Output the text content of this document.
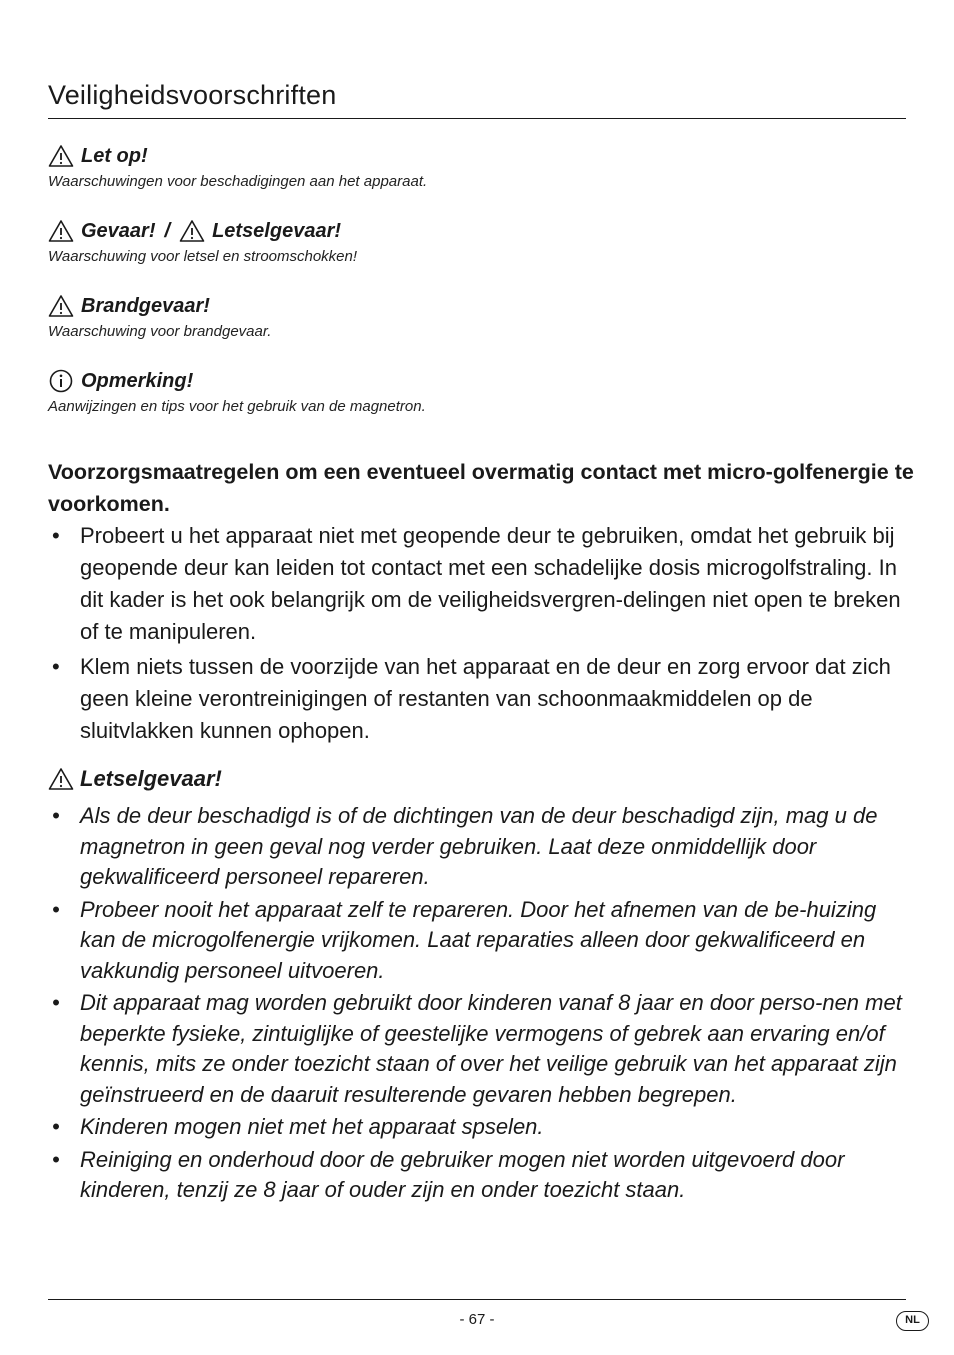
Veiligheidsvoorschriften
Let op!
Waarschuwingen voor beschadigingen aan het apparaat.
Gevaar! / Letselgevaar!
Waarschuwing voor letsel en stroomschokken!
Brandgevaar!
Waarschuwing voor brandgevaar.
Opmerking!
Aanwijzingen en tips voor het gebruik van de magnetron.
Voorzorgsmaatregelen om een eventueel overmatig contact met micro-golfenergie te voorkomen.
• Probeert u het apparaat niet met geopende deur te gebruiken, omdat het gebruik bij geopende deur kan leiden tot contact met een schadelijke dosis microgolfstraling. In dit kader is het ook belangrijk om de veiligheidsvergren-delingen niet open te breken of te manipuleren.
• Klem niets tussen de voorzijde van het apparaat en de deur en zorg ervoor dat zich geen kleine verontreinigingen of restanten van schoonmaakmiddelen op de sluitvlakken kunnen ophopen.
Letselgevaar!
• Als de deur beschadigd is of de dichtingen van de deur beschadigd zijn, mag u de magnetron in geen geval nog verder gebruiken. Laat deze onmiddellijk door gekwalificeerd personeel repareren.
• Probeer nooit het apparaat zelf te repareren. Door het afnemen van de be-huizing kan de microgolfenergie vrijkomen. Laat reparaties alleen door gekwalificeerd en vakkundig personeel uitvoeren.
• Dit apparaat mag worden gebruikt door kinderen vanaf 8 jaar en door perso-nen met beperkte fysieke, zintuiglijke of geestelijke vermogens of gebrek aan ervaring en/of kennis, mits ze onder toezicht staan of over het veilige gebruik van het apparaat zijn geïnstrueerd en de daaruit resulterende gevaren hebben begrepen.
• Kinderen mogen niet met het apparaat spselen.
• Reiniging en onderhoud door de gebruiker mogen niet worden uitgevoerd door kinderen, tenzij ze 8 jaar of ouder zijn en onder toezicht staan.
- 67 -	NL
